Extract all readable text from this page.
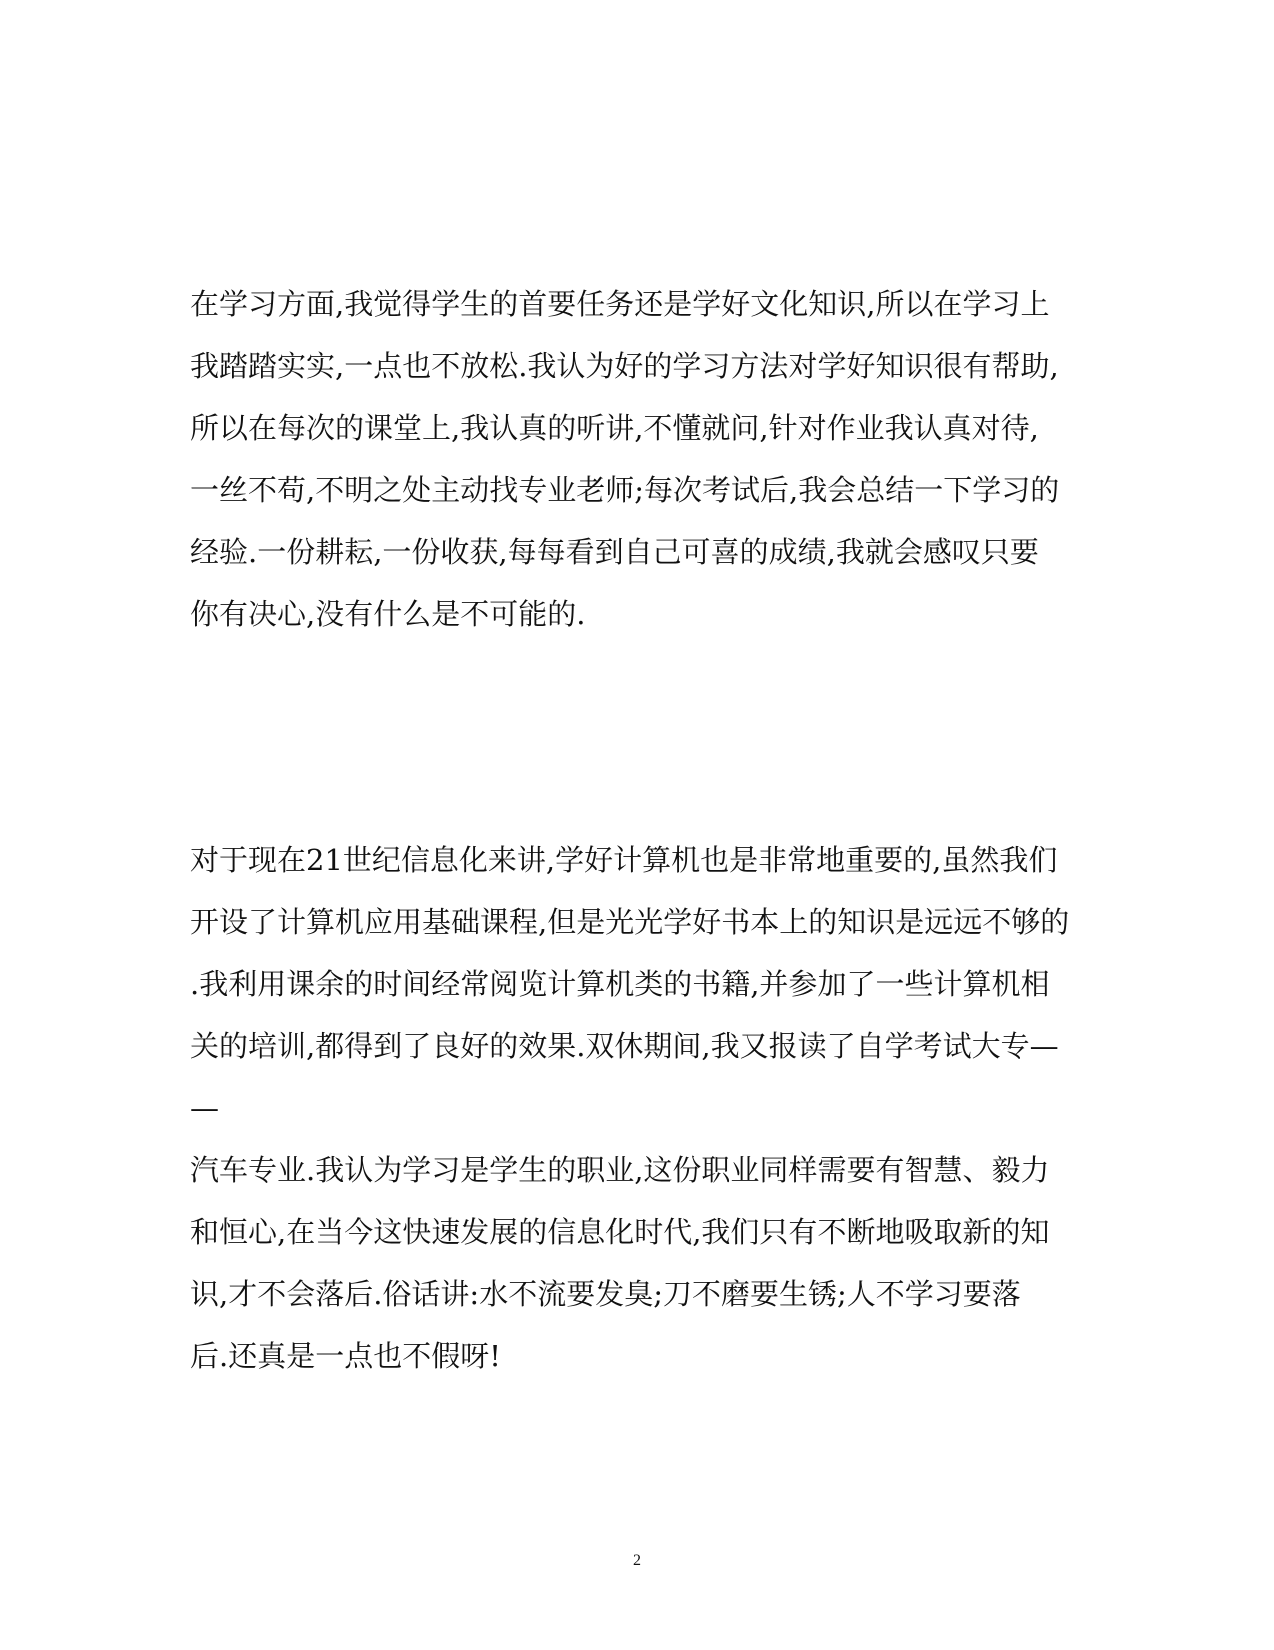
在学习方面,我觉得学生的首要任务还是学好文化知识,所以在学习上
我踏踏实实,一点也不放松.我认为好的学习方法对学好知识很有帮助,
所以在每次的课堂上,我认真的听讲,不懂就问,针对作业我认真对待,
一丝不苟,不明之处主动找专业老师;每次考试后,我会总结一下学习的
经验.一份耕耘,一份收获,每每看到自己可喜的成绩,我就会感叹只要
你有决心,没有什么是不可能的.
对于现在21世纪信息化来讲,学好计算机也是非常地重要的,虽然我们
开设了计算机应用基础课程,但是光光学好书本上的知识是远远不够的
.我利用课余的时间经常阅览计算机类的书籍,并参加了一些计算机相
关的培训,都得到了良好的效果.双休期间,我又报读了自学考试大专—
—
汽车专业.我认为学习是学生的职业,这份职业同样需要有智慧、毅力
和恒心,在当今这快速发展的信息化时代,我们只有不断地吸取新的知
识,才不会落后.俗话讲:水不流要发臭;刀不磨要生锈;人不学习要落
后.还真是一点也不假呀!
2
